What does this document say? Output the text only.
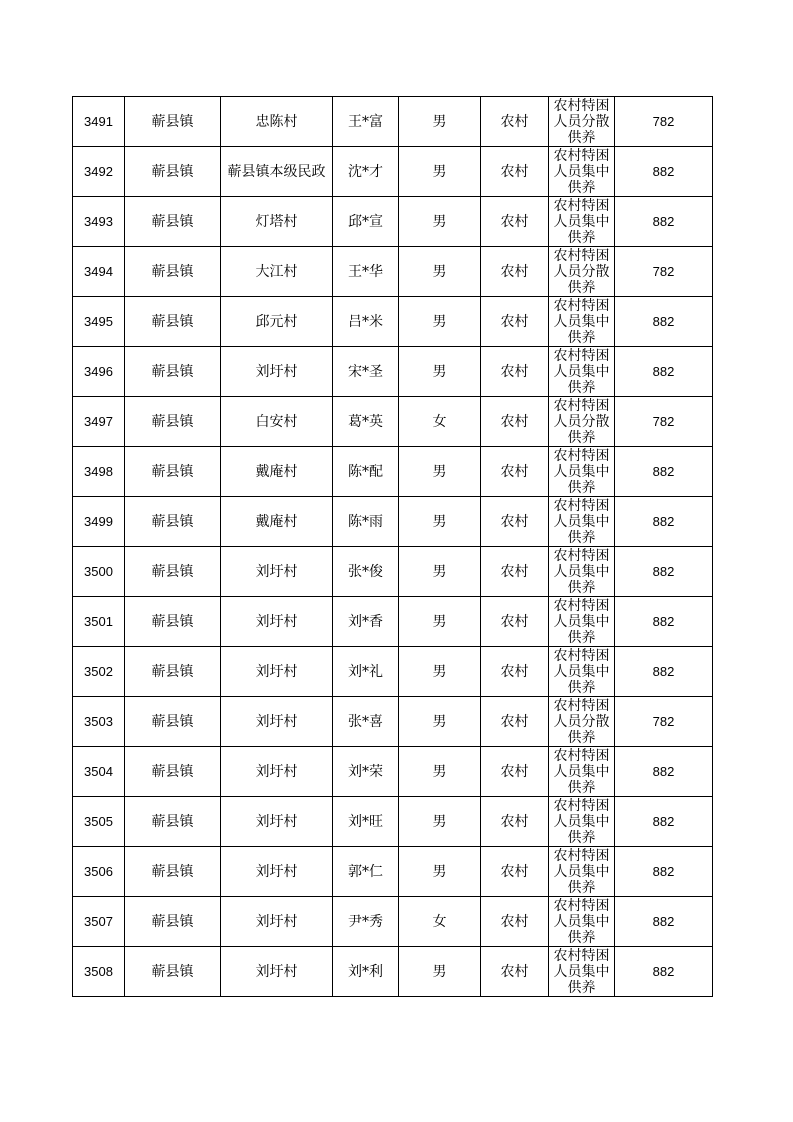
3491	蕲县镇	忠陈村	王*富	男	农村	农村特困人员分散供养	782
3492	蕲县镇	蕲县镇本级民政	沈*才	男	农村	农村特困人员集中供养	882
3493	蕲县镇	灯塔村	邱*宣	男	农村	农村特困人员集中供养	882
3494	蕲县镇	大江村	王*华	男	农村	农村特困人员分散供养	782
3495	蕲县镇	邱元村	吕*米	男	农村	农村特困人员集中供养	882
3496	蕲县镇	刘圩村	宋*圣	男	农村	农村特困人员集中供养	882
3497	蕲县镇	白安村	葛*英	女	农村	农村特困人员分散供养	782
3498	蕲县镇	戴庵村	陈*配	男	农村	农村特困人员集中供养	882
3499	蕲县镇	戴庵村	陈*雨	男	农村	农村特困人员集中供养	882
3500	蕲县镇	刘圩村	张*俊	男	农村	农村特困人员集中供养	882
3501	蕲县镇	刘圩村	刘*香	男	农村	农村特困人员集中供养	882
3502	蕲县镇	刘圩村	刘*礼	男	农村	农村特困人员集中供养	882
3503	蕲县镇	刘圩村	张*喜	男	农村	农村特困人员分散供养	782
3504	蕲县镇	刘圩村	刘*荣	男	农村	农村特困人员集中供养	882
3505	蕲县镇	刘圩村	刘*旺	男	农村	农村特困人员集中供养	882
3506	蕲县镇	刘圩村	郭*仁	男	农村	农村特困人员集中供养	882
3507	蕲县镇	刘圩村	尹*秀	女	农村	农村特困人员集中供养	882
3508	蕲县镇	刘圩村	刘*利	男	农村	农村特困人员集中供养	882
